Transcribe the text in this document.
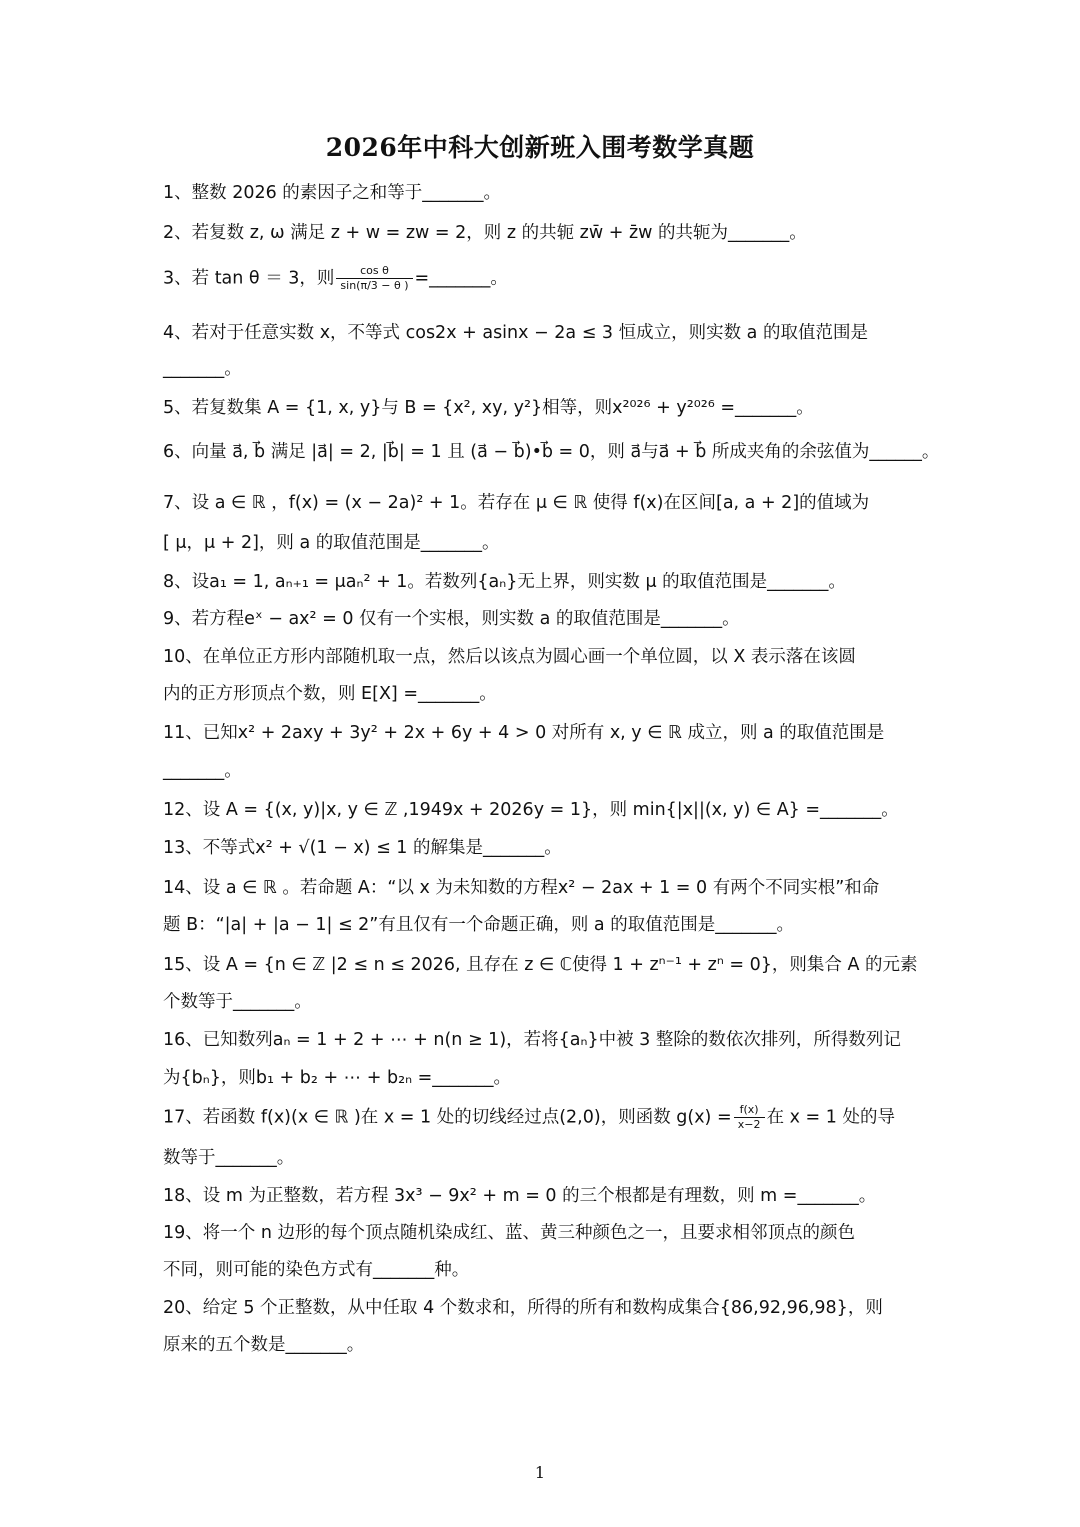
2026年中科大创新班入围考数学真题
1、整数 2026 的素因子之和等于_______。
2、若复数 z, ω 满足 z + w = zw = 2，则 z 的共轭 zw̄ + z̄w 的共轭为_______。
3、若 tan θ ＝ 3，则 $\frac{\text{cos θ}}{\sin(\pi/3 - \theta )}$ =_______。
4、若对于任意实数 x，不等式 cos2x + asinx − 2a ≤ 3 恒成立，则实数 a 的取值范围是
_______。
5、若复数集 A = {1, x, y}与 B = {x², xy, y²}相等，则x²⁰²⁶ + y²⁰²⁶ =_______。
6、向量 a⃗, b⃗ 满足 |a⃗| = 2, |b⃗| = 1 且 (a⃗ − b⃗)•b⃗ = 0，则 a⃗与a⃗ + b⃗ 所成夹角的余弦值为______。
7、设 a ∈ ℝ ，f(x) = (x − 2a)² + 1。若存在 μ ∈ ℝ 使得 f(x)在区间[a, a + 2]的值域为
[ μ，μ + 2]，则 a 的取值范围是_______。
8、设a₁ = 1, aₙ₊₁ = μaₙ² + 1。若数列{aₙ}无上界，则实数 μ 的取值范围是_______。
9、若方程eˣ − ax² = 0 仅有一个实根，则实数 a 的取值范围是_______。
10、在单位正方形内部随机取一点，然后以该点为圆心画一个单位圆，以 X 表示落在该圆
内的正方形顶点个数，则 E[X] =_______。
11、已知x² + 2axy + 3y² + 2x + 6y + 4 > 0 对所有 x, y ∈ ℝ 成立，则 a 的取值范围是
_______。
12、设 A = {(x, y)|x, y ∈ ℤ ,1949x + 2026y = 1}，则 min{|x||(x, y) ∈ A} =_______。
13、不等式x² + √(1 − x) ≤ 1 的解集是_______。
14、设 a ∈ ℝ 。若命题 A：“以 x 为未知数的方程x² − 2ax + 1 = 0 有两个不同实根”和命
题 B：“|a| + |a − 1| ≤ 2”有且仅有一个命题正确，则 a 的取值范围是_______。
15、设 A = {n ∈ ℤ |2 ≤ n ≤ 2026, 且存在 z ∈ ℂ使得 1 + zⁿ⁻¹ + zⁿ = 0}，则集合 A 的元素
个数等于_______。
16、已知数列aₙ = 1 + 2 + ⋯ + n(n ≥ 1)，若将{aₙ}中被 3 整除的数依次排列，所得数列记
为{bₙ}，则b₁ + b₂ + ⋯ + b₂ₙ =_______。
17、若函数 f(x)(x ∈ ℝ )在 x = 1 处的切线经过点(2,0)，则函数 $g(x) = \frac{f(x)}{x-2}$ 在 x = 1 处的导
数等于_______。
18、设 m 为正整数，若方程 3x³ − 9x² + m = 0 的三个根都是有理数，则 m =_______。
19、将一个 n 边形的每个顶点随机染成红、蓝、黄三种颜色之一，且要求相邻顶点的颜色
不同，则可能的染色方式有_______种。
20、给定 5 个正整数，从中任取 4 个数求和，所得的所有和数构成集合{86,92,96,98}，则
原来的五个数是_______。
1
